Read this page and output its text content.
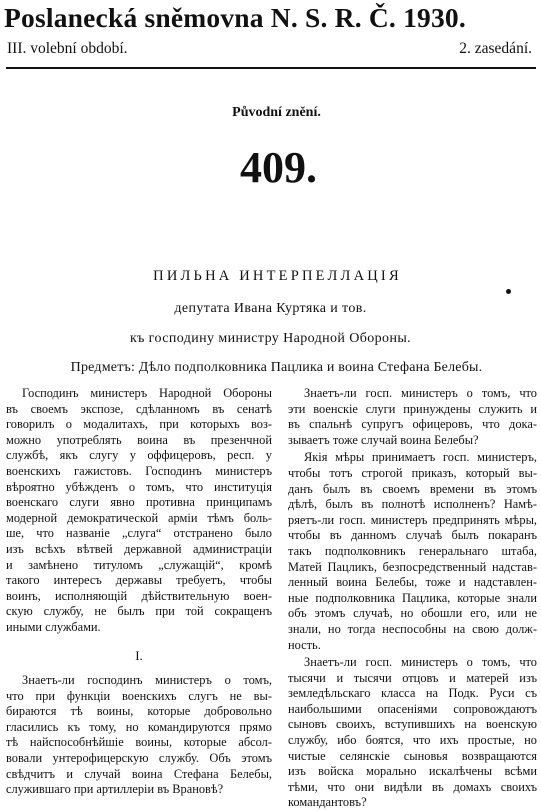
Poslanecká sněmovna N. S. R. Č. 1930.
III. volební období.	2. zasedání.
Původní znění.
409.
ПИЛЬНА ИНТЕРПЕЛЛАЦIЯ
депутата Ивана Куртяка и тов.
къ господину министру Народной Обороны.
Предметъ: Дѣло подполковника Пацлика и воина Стефана Белебы.
Господинъ министеръ Народной Обороны
въ своемъ экспозе, сдѣланномъ въ сенатѣ
говорилъ о модалитахъ, при которыхъ воз-
можно употреблять воина въ презенчной
службѣ, якъ слугу у оффицеровъ, респ. у
военскихъ гажистовъ. Господинъ министеръ
вѣроятно убѣжденъ о томъ, что институцiя
военскаго слуги явно противна принципамъ
модерной демократической армiи тѣмъ боль-
ше, что названiе „слуга“ отстранено было
изъ всѣхъ вѣтвей державной администрацiи
и замѣнено титуломъ „служащiй“, кромѣ
такого интересъ державы требуетъ, чтобы
воинъ, исполняющiй дѣйствительную воен-
скую службу, не былъ при той сокращенъ
иными службами.
I.
Знаетъ-ли господинъ министеръ о томъ,
что при функцiи военскихъ слугъ не вы-
бираются тѣ воины, которые добровольно
гласились къ тому, но командируются прямо
тѣ найспособнѣйшiе воины, которые абсол-
вовали унтерофицерскую службу. Объ этомъ
свѣдчитъ и случай воина Стефана Белебы,
служившаго при артиллерiи въ Врановѣ?
Знаетъ-ли госп. министеръ о томъ, что
эти военскiе слуги принуждены служить и
въ спальнѣ супругъ офицеровъ, что дока-
зываетъ тоже случай воина Белебы?
Якiя мѣры принимаетъ госп. министеръ,
чтобы тотъ строгой приказъ, который вы-
данъ былъ въ своемъ времени въ этомъ
дѣлѣ, былъ въ полнотѣ исполненъ? Намѣ-
ряетъ-ли госп. министеръ предпринять мѣры,
чтобы въ данномъ случаѣ былъ покаранъ
такъ подполковникъ генеральнаго штаба,
Матей Пацликъ, безпосредственный надстав-
ленный воина Белебы, тоже и надставлен-
ные подполковника Пацлика, которые знали
объ этомъ случаѣ, но обошли его, или не
знали, но тогда неспособны на свою долж-
ность.
Знаетъ-ли госп. министеръ о томъ, что
тысячи и тысячи отцовъ и матерей изъ
земледѣльскаго класса на Подк. Руси съ
наибольшими опасенiями сопровождаютъ
сыновъ своихъ, вступившихъ на военскую
службу, ибо боятся, что ихъ простые, но
чистые селянскiе сыновья возвращаются
изъ войска морально искалѣчены всѣми
тѣми, что они видѣли въ домахъ своихъ
командантовъ?
